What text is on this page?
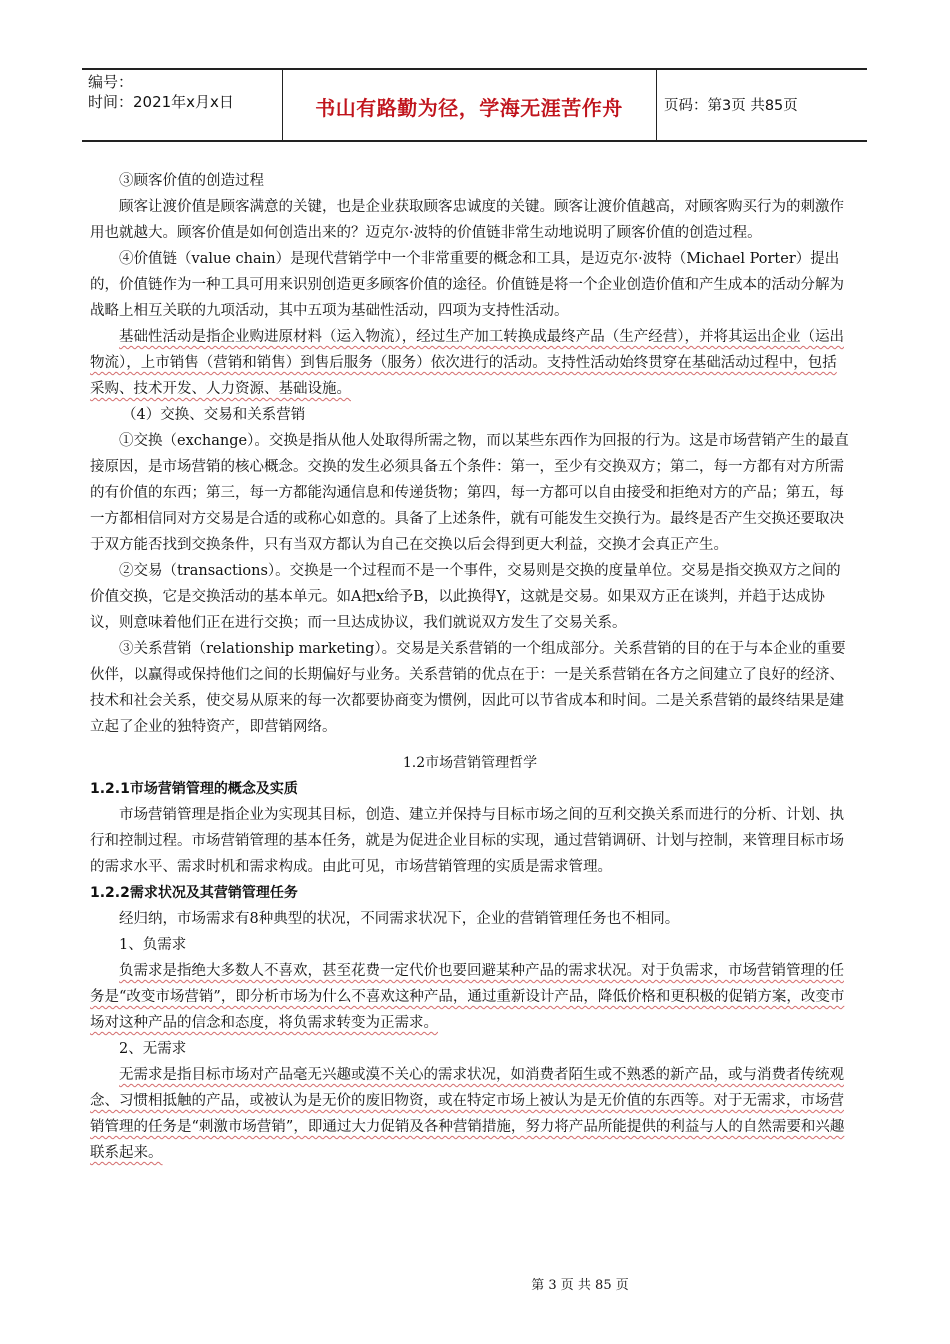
编号：
时间：2021年x月x日	书山有路勤为径，学海无涯苦作舟	页码：第3页 共85页

③顾客价值的创造过程

顾客让渡价值是顾客满意的关键，也是企业获取顾客忠诚度的关键。顾客让渡价值越高，对顾客购买行为的刺激作用也就越大。顾客价值是如何创造出来的？迈克尔·波特的价值链非常生动地说明了顾客价值的创造过程。

④价值链（value chain）是现代营销学中一个非常重要的概念和工具，是迈克尔·波特（Michael Porter）提出的，价值链作为一种工具可用来识别创造更多顾客价值的途径。价值链是将一个企业创造价值和产生成本的活动分解为战略上相互关联的九项活动，其中五项为基础性活动，四项为支持性活动。

基础性活动是指企业购进原材料（运入物流），经过生产加工转换成最终产品（生产经营），并将其运出企业（运出物流），上市销售（营销和销售）到售后服务（服务）依次进行的活动。支持性活动始终贯穿在基础活动过程中，包括采购、技术开发、人力资源、基础设施。

（4）交换、交易和关系营销

①交换（exchange）。交换是指从他人处取得所需之物，而以某些东西作为回报的行为。这是市场营销产生的最直接原因，是市场营销的核心概念。交换的发生必须具备五个条件：第一，至少有交换双方；第二，每一方都有对方所需的有价值的东西；第三，每一方都能沟通信息和传递货物；第四，每一方都可以自由接受和拒绝对方的产品；第五，每一方都相信同对方交易是合适的或称心如意的。具备了上述条件，就有可能发生交换行为。最终是否产生交换还要取决于双方能否找到交换条件，只有当双方都认为自己在交换以后会得到更大利益，交换才会真正产生。

②交易（transactions）。交换是一个过程而不是一个事件，交易则是交换的度量单位。交易是指交换双方之间的价值交换，它是交换活动的基本单元。如A把x给予B，以此换得Y，这就是交易。如果双方正在谈判，并趋于达成协议，则意味着他们正在进行交换；而一旦达成协议，我们就说双方发生了交易关系。

③关系营销（relationship marketing）。交易是关系营销的一个组成部分。关系营销的目的在于与本企业的重要伙伴，以赢得或保持他们之间的长期偏好与业务。关系营销的优点在于：一是关系营销在各方之间建立了良好的经济、技术和社会关系，使交易从原来的每一次都要协商变为惯例，因此可以节省成本和时间。二是关系营销的最终结果是建立起了企业的独特资产，即营销网络。

1.2市场营销管理哲学

1.2.1市场营销管理的概念及实质

市场营销管理是指企业为实现其目标，创造、建立并保持与目标市场之间的互利交换关系而进行的分析、计划、执行和控制过程。市场营销管理的基本任务，就是为促进企业目标的实现，通过营销调研、计划与控制，来管理目标市场的需求水平、需求时机和需求构成。由此可见，市场营销管理的实质是需求管理。

1.2.2需求状况及其营销管理任务

经归纳，市场需求有8种典型的状况，不同需求状况下，企业的营销管理任务也不相同。

1、负需求

负需求是指绝大多数人不喜欢，甚至花费一定代价也要回避某种产品的需求状况。对于负需求，市场营销管理的任务是“改变市场营销”，即分析市场为什么不喜欢这种产品，通过重新设计产品，降低价格和更积极的促销方案，改变市场对这种产品的信念和态度，将负需求转变为正需求。

2、无需求

无需求是指目标市场对产品毫无兴趣或漠不关心的需求状况，如消费者陌生或不熟悉的新产品，或与消费者传统观念、习惯相抵触的产品，或被认为是无价的废旧物资，或在特定市场上被认为是无价值的东西等。对于无需求，市场营销管理的任务是“刺激市场营销”，即通过大力促销及各种营销措施，努力将产品所能提供的利益与人的自然需要和兴趣联系起来。

第 3 页 共 85 页
